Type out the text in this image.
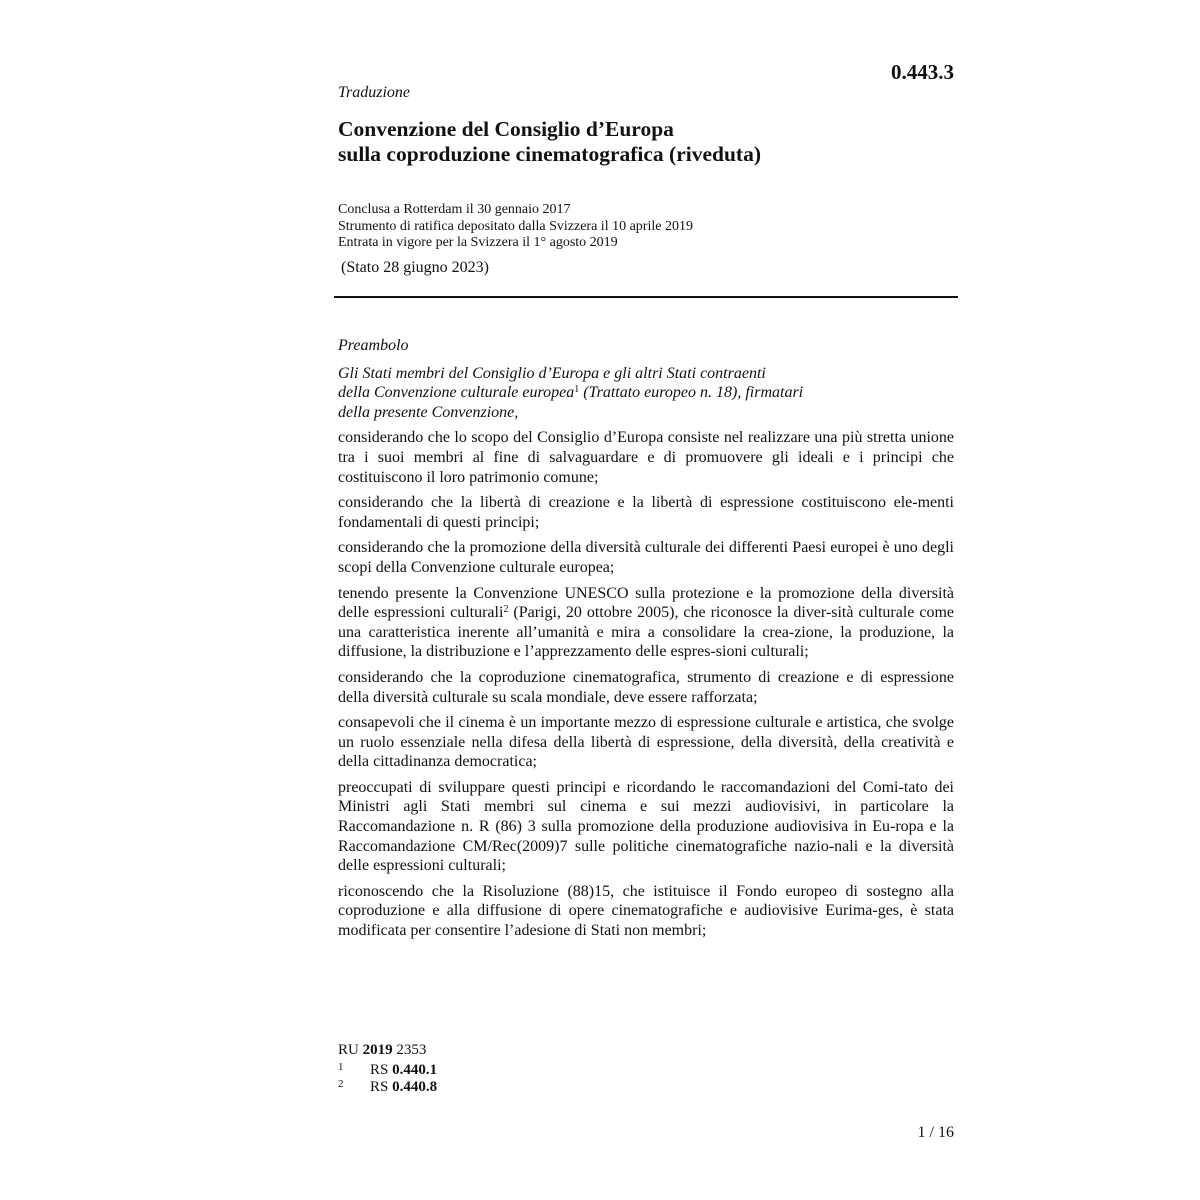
0.443.3
Traduzione
Convenzione del Consiglio d’Europa
sulla coproduzione cinematografica (riveduta)
Conclusa a Rotterdam il 30 gennaio 2017
Strumento di ratifica depositato dalla Svizzera il 10 aprile 2019
Entrata in vigore per la Svizzera il 1° agosto 2019
(Stato 28 giugno 2023)

Preambolo

Gli Stati membri del Consiglio d’Europa e gli altri Stati contraenti
della Convenzione culturale europea$^1$ (Trattato europeo n. 18), firmatari
della presente Convenzione,

considerando che lo scopo del Consiglio d’Europa consiste nel realizzare una più stretta unione tra i suoi membri al fine di salvaguardare e di promuovere gli ideali e i principi che costituiscono il loro patrimonio comune;

considerando che la libertà di creazione e la libertà di espressione costituiscono ele-menti fondamentali di questi principi;

considerando che la promozione della diversità culturale dei differenti Paesi europei è uno degli scopi della Convenzione culturale europea;

tenendo presente la Convenzione UNESCO sulla protezione e la promozione della diversità delle espressioni culturali$^2$ (Parigi, 20 ottobre 2005), che riconosce la diver-sità culturale come una caratteristica inerente all’umanità e mira a consolidare la crea-zione, la produzione, la diffusione, la distribuzione e l’apprezzamento delle espres-sioni culturali;

considerando che la coproduzione cinematografica, strumento di creazione e di espressione della diversità culturale su scala mondiale, deve essere rafforzata;

consapevoli che il cinema è un importante mezzo di espressione culturale e artistica, che svolge un ruolo essenziale nella difesa della libertà di espressione, della diversità, della creatività e della cittadinanza democratica;

preoccupati di sviluppare questi principi e ricordando le raccomandazioni del Comi-tato dei Ministri agli Stati membri sul cinema e sui mezzi audiovisivi, in particolare la Raccomandazione n. R (86) 3 sulla promozione della produzione audiovisiva in Eu-ropa e la Raccomandazione CM/Rec(2009)7 sulle politiche cinematografiche nazio-nali e la diversità delle espressioni culturali;

riconoscendo che la Risoluzione (88)15, che istituisce il Fondo europeo di sostegno alla coproduzione e alla diffusione di opere cinematografiche e audiovisive Eurima-ges, è stata modificata per consentire l’adesione di Stati non membri;

RU 2019 2353
1 RS 0.440.1
2 RS 0.440.8
1 / 16
